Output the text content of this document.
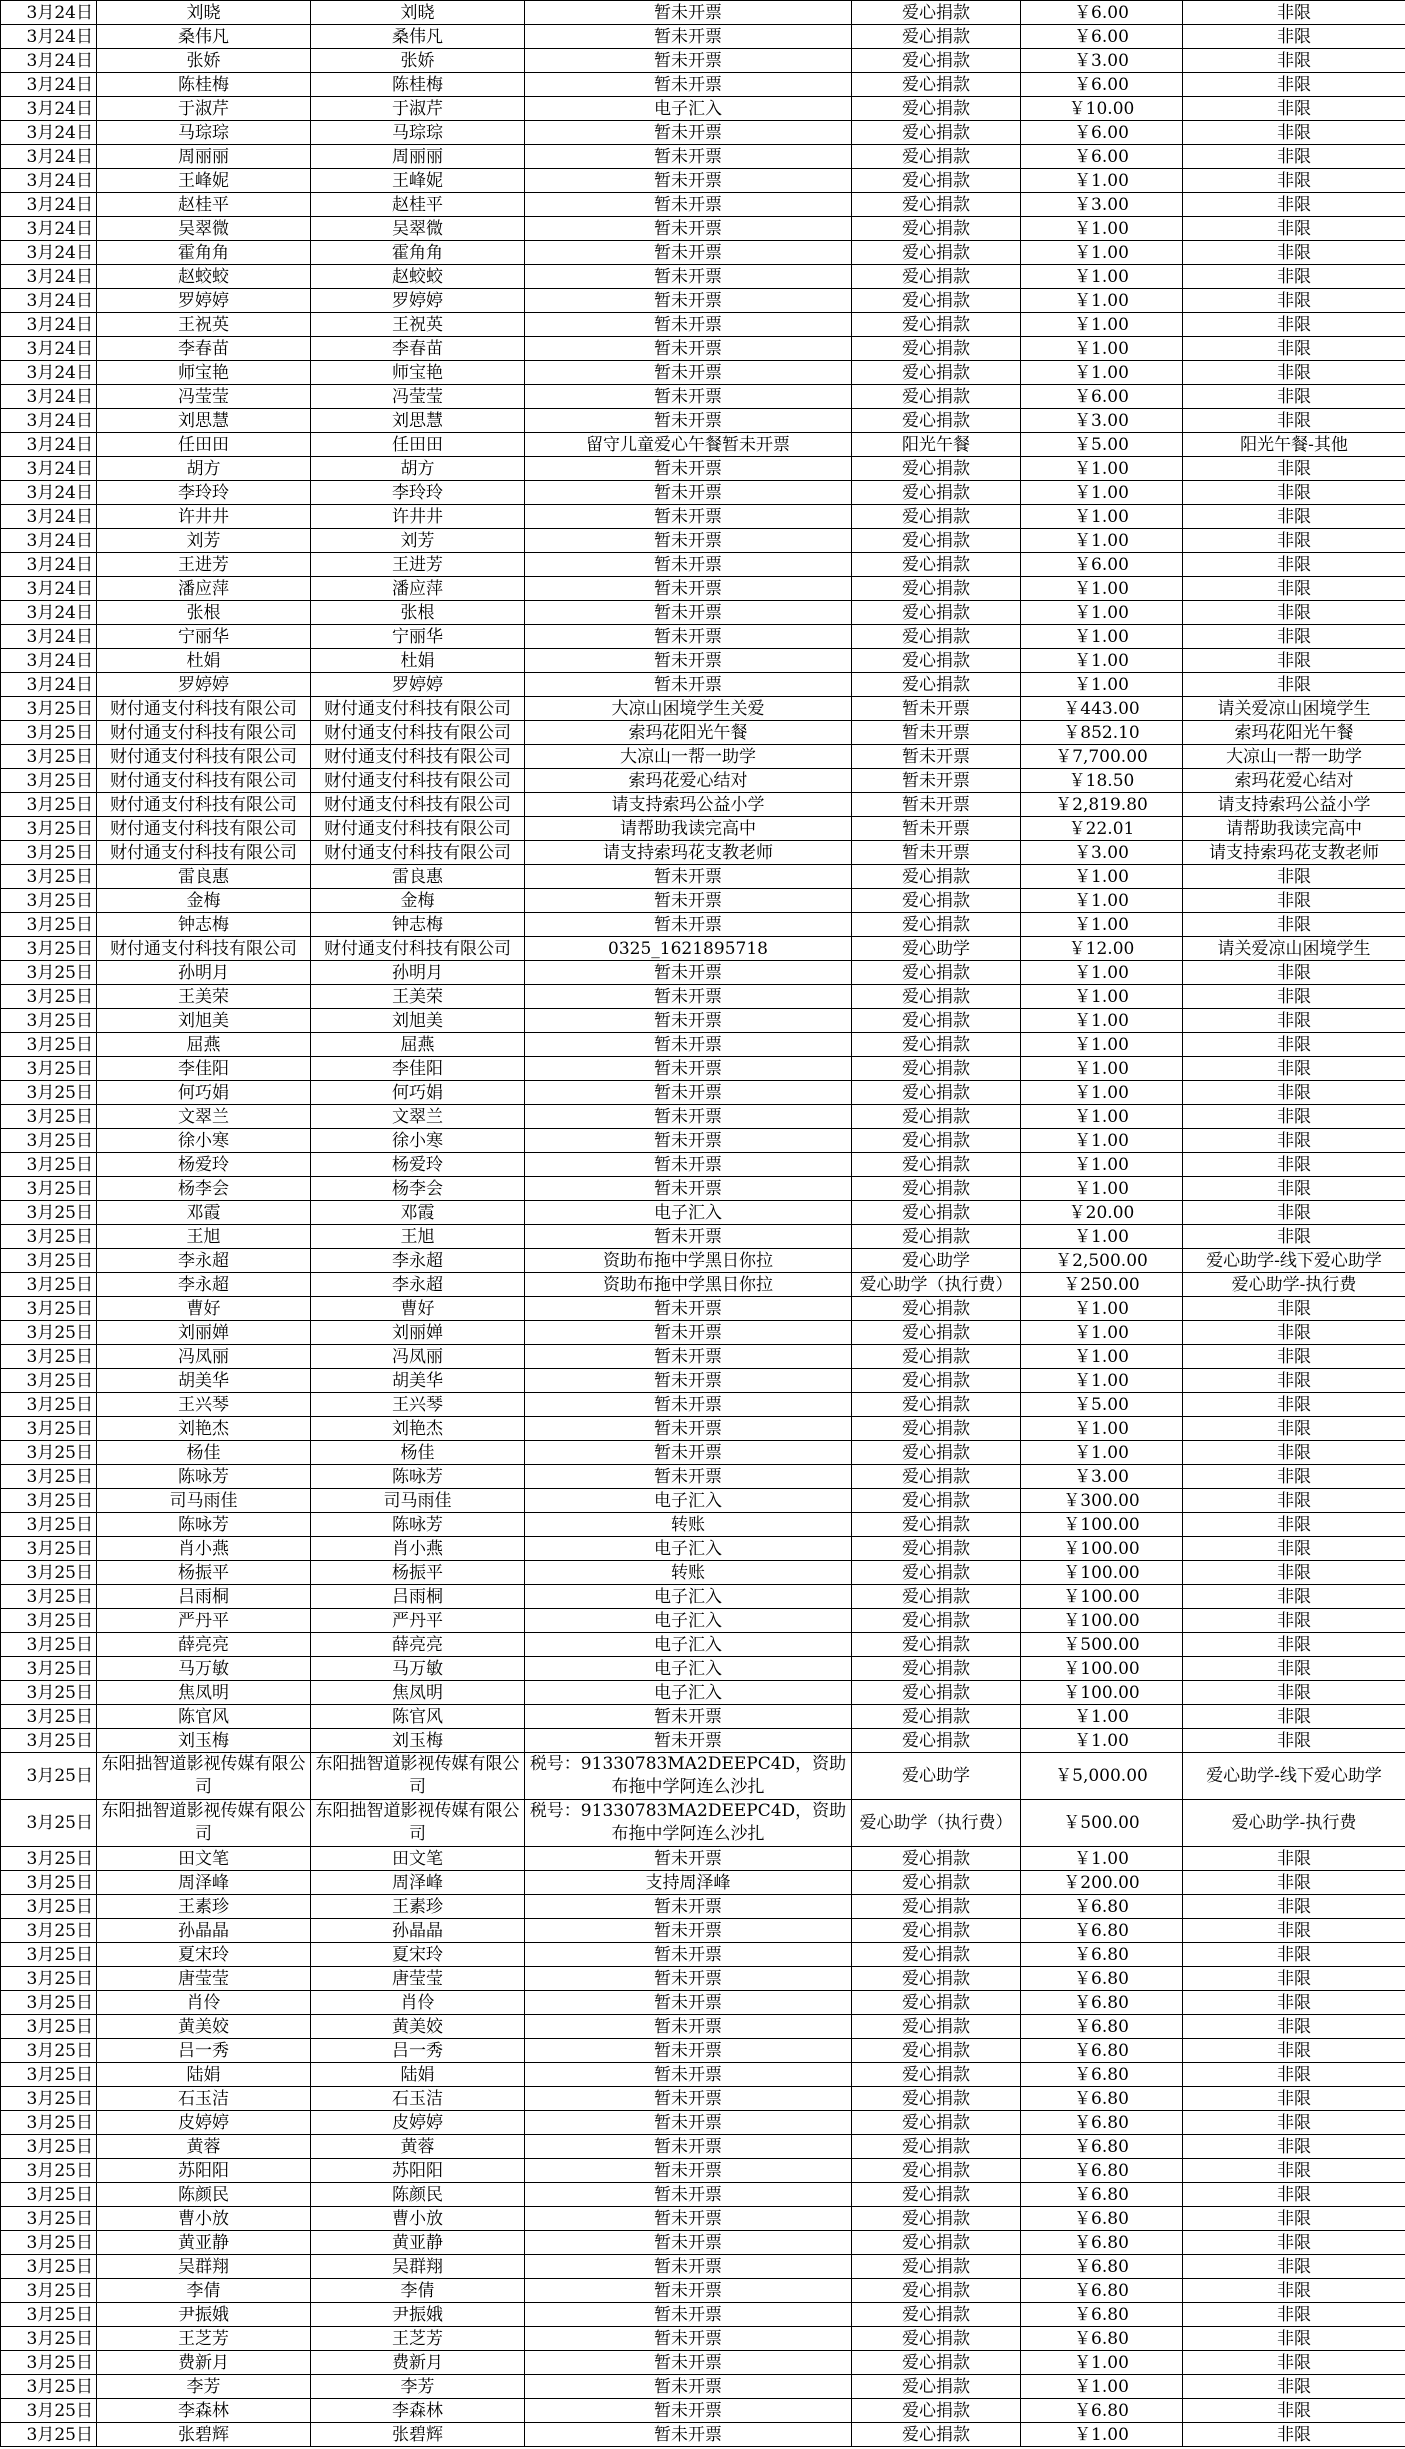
3月24日	刘晓	刘晓	暂未开票	爱心捐款	￥6.00	非限
3月24日	桑伟凡	桑伟凡	暂未开票	爱心捐款	￥6.00	非限
3月24日	张娇	张娇	暂未开票	爱心捐款	￥3.00	非限
3月24日	陈桂梅	陈桂梅	暂未开票	爱心捐款	￥6.00	非限
3月24日	于淑芹	于淑芹	电子汇入	爱心捐款	￥10.00	非限
3月24日	马琮琮	马琮琮	暂未开票	爱心捐款	￥6.00	非限
3月24日	周丽丽	周丽丽	暂未开票	爱心捐款	￥6.00	非限
3月24日	王峰妮	王峰妮	暂未开票	爱心捐款	￥1.00	非限
3月24日	赵桂平	赵桂平	暂未开票	爱心捐款	￥3.00	非限
3月24日	吴翠微	吴翠微	暂未开票	爱心捐款	￥1.00	非限
3月24日	霍角角	霍角角	暂未开票	爱心捐款	￥1.00	非限
3月24日	赵蛟蛟	赵蛟蛟	暂未开票	爱心捐款	￥1.00	非限
3月24日	罗婷婷	罗婷婷	暂未开票	爱心捐款	￥1.00	非限
3月24日	王祝英	王祝英	暂未开票	爱心捐款	￥1.00	非限
3月24日	李春苗	李春苗	暂未开票	爱心捐款	￥1.00	非限
3月24日	师宝艳	师宝艳	暂未开票	爱心捐款	￥1.00	非限
3月24日	冯莹莹	冯莹莹	暂未开票	爱心捐款	￥6.00	非限
3月24日	刘思慧	刘思慧	暂未开票	爱心捐款	￥3.00	非限
3月24日	任田田	任田田	留守儿童爱心午餐暂未开票	阳光午餐	￥5.00	阳光午餐-其他
3月24日	胡方	胡方	暂未开票	爱心捐款	￥1.00	非限
3月24日	李玲玲	李玲玲	暂未开票	爱心捐款	￥1.00	非限
3月24日	许井井	许井井	暂未开票	爱心捐款	￥1.00	非限
3月24日	刘芳	刘芳	暂未开票	爱心捐款	￥1.00	非限
3月24日	王进芳	王进芳	暂未开票	爱心捐款	￥6.00	非限
3月24日	潘应萍	潘应萍	暂未开票	爱心捐款	￥1.00	非限
3月24日	张根	张根	暂未开票	爱心捐款	￥1.00	非限
3月24日	宁丽华	宁丽华	暂未开票	爱心捐款	￥1.00	非限
3月24日	杜娟	杜娟	暂未开票	爱心捐款	￥1.00	非限
3月24日	罗婷婷	罗婷婷	暂未开票	爱心捐款	￥1.00	非限
3月25日	财付通支付科技有限公司	财付通支付科技有限公司	大凉山困境学生关爱	暂未开票	￥443.00	请关爱凉山困境学生
3月25日	财付通支付科技有限公司	财付通支付科技有限公司	索玛花阳光午餐	暂未开票	￥852.10	索玛花阳光午餐
3月25日	财付通支付科技有限公司	财付通支付科技有限公司	大凉山一帮一助学	暂未开票	￥7,700.00	大凉山一帮一助学
3月25日	财付通支付科技有限公司	财付通支付科技有限公司	索玛花爱心结对	暂未开票	￥18.50	索玛花爱心结对
3月25日	财付通支付科技有限公司	财付通支付科技有限公司	请支持索玛公益小学	暂未开票	￥2,819.80	请支持索玛公益小学
3月25日	财付通支付科技有限公司	财付通支付科技有限公司	请帮助我读完高中	暂未开票	￥22.01	请帮助我读完高中
3月25日	财付通支付科技有限公司	财付通支付科技有限公司	请支持索玛花支教老师	暂未开票	￥3.00	请支持索玛花支教老师
3月25日	雷良惠	雷良惠	暂未开票	爱心捐款	￥1.00	非限
3月25日	金梅	金梅	暂未开票	爱心捐款	￥1.00	非限
3月25日	钟志梅	钟志梅	暂未开票	爱心捐款	￥1.00	非限
3月25日	财付通支付科技有限公司	财付通支付科技有限公司	0325_1621895718	爱心助学	￥12.00	请关爱凉山困境学生
3月25日	孙明月	孙明月	暂未开票	爱心捐款	￥1.00	非限
3月25日	王美荣	王美荣	暂未开票	爱心捐款	￥1.00	非限
3月25日	刘旭美	刘旭美	暂未开票	爱心捐款	￥1.00	非限
3月25日	屈燕	屈燕	暂未开票	爱心捐款	￥1.00	非限
3月25日	李佳阳	李佳阳	暂未开票	爱心捐款	￥1.00	非限
3月25日	何巧娟	何巧娟	暂未开票	爱心捐款	￥1.00	非限
3月25日	文翠兰	文翠兰	暂未开票	爱心捐款	￥1.00	非限
3月25日	徐小寒	徐小寒	暂未开票	爱心捐款	￥1.00	非限
3月25日	杨爱玲	杨爱玲	暂未开票	爱心捐款	￥1.00	非限
3月25日	杨李会	杨李会	暂未开票	爱心捐款	￥1.00	非限
3月25日	邓霞	邓霞	电子汇入	爱心捐款	￥20.00	非限
3月25日	王旭	王旭	暂未开票	爱心捐款	￥1.00	非限
3月25日	李永超	李永超	资助布拖中学黑日你拉	爱心助学	￥2,500.00	爱心助学-线下爱心助学
3月25日	李永超	李永超	资助布拖中学黑日你拉	爱心助学（执行费）	￥250.00	爱心助学-执行费
3月25日	曹好	曹好	暂未开票	爱心捐款	￥1.00	非限
3月25日	刘丽婵	刘丽婵	暂未开票	爱心捐款	￥1.00	非限
3月25日	冯凤丽	冯凤丽	暂未开票	爱心捐款	￥1.00	非限
3月25日	胡美华	胡美华	暂未开票	爱心捐款	￥1.00	非限
3月25日	王兴琴	王兴琴	暂未开票	爱心捐款	￥5.00	非限
3月25日	刘艳杰	刘艳杰	暂未开票	爱心捐款	￥1.00	非限
3月25日	杨佳	杨佳	暂未开票	爱心捐款	￥1.00	非限
3月25日	陈咏芳	陈咏芳	暂未开票	爱心捐款	￥3.00	非限
3月25日	司马雨佳	司马雨佳	电子汇入	爱心捐款	￥300.00	非限
3月25日	陈咏芳	陈咏芳	转账	爱心捐款	￥100.00	非限
3月25日	肖小燕	肖小燕	电子汇入	爱心捐款	￥100.00	非限
3月25日	杨振平	杨振平	转账	爱心捐款	￥100.00	非限
3月25日	吕雨桐	吕雨桐	电子汇入	爱心捐款	￥100.00	非限
3月25日	严丹平	严丹平	电子汇入	爱心捐款	￥100.00	非限
3月25日	薛亮亮	薛亮亮	电子汇入	爱心捐款	￥500.00	非限
3月25日	马万敏	马万敏	电子汇入	爱心捐款	￥100.00	非限
3月25日	焦凤明	焦凤明	电子汇入	爱心捐款	￥100.00	非限
3月25日	陈官风	陈官风	暂未开票	爱心捐款	￥1.00	非限
3月25日	刘玉梅	刘玉梅	暂未开票	爱心捐款	￥1.00	非限
3月25日	东阳拙智道影视传媒有限公司	东阳拙智道影视传媒有限公司	税号：91330783MA2DEEPC4D，资助布拖中学阿连么沙扎	爱心助学	￥5,000.00	爱心助学-线下爱心助学
3月25日	东阳拙智道影视传媒有限公司	东阳拙智道影视传媒有限公司	税号：91330783MA2DEEPC4D，资助布拖中学阿连么沙扎	爱心助学（执行费）	￥500.00	爱心助学-执行费
3月25日	田文笔	田文笔	暂未开票	爱心捐款	￥1.00	非限
3月25日	周泽峰	周泽峰	支持周泽峰	爱心捐款	￥200.00	非限
3月25日	王素珍	王素珍	暂未开票	爱心捐款	￥6.80	非限
3月25日	孙晶晶	孙晶晶	暂未开票	爱心捐款	￥6.80	非限
3月25日	夏宋玲	夏宋玲	暂未开票	爱心捐款	￥6.80	非限
3月25日	唐莹莹	唐莹莹	暂未开票	爱心捐款	￥6.80	非限
3月25日	肖伶	肖伶	暂未开票	爱心捐款	￥6.80	非限
3月25日	黄美姣	黄美姣	暂未开票	爱心捐款	￥6.80	非限
3月25日	吕一秀	吕一秀	暂未开票	爱心捐款	￥6.80	非限
3月25日	陆娟	陆娟	暂未开票	爱心捐款	￥6.80	非限
3月25日	石玉洁	石玉洁	暂未开票	爱心捐款	￥6.80	非限
3月25日	皮婷婷	皮婷婷	暂未开票	爱心捐款	￥6.80	非限
3月25日	黄蓉	黄蓉	暂未开票	爱心捐款	￥6.80	非限
3月25日	苏阳阳	苏阳阳	暂未开票	爱心捐款	￥6.80	非限
3月25日	陈颜民	陈颜民	暂未开票	爱心捐款	￥6.80	非限
3月25日	曹小放	曹小放	暂未开票	爱心捐款	￥6.80	非限
3月25日	黄亚静	黄亚静	暂未开票	爱心捐款	￥6.80	非限
3月25日	吴群翔	吴群翔	暂未开票	爱心捐款	￥6.80	非限
3月25日	李倩	李倩	暂未开票	爱心捐款	￥6.80	非限
3月25日	尹振娥	尹振娥	暂未开票	爱心捐款	￥6.80	非限
3月25日	王芝芳	王芝芳	暂未开票	爱心捐款	￥6.80	非限
3月25日	费新月	费新月	暂未开票	爱心捐款	￥1.00	非限
3月25日	李芳	李芳	暂未开票	爱心捐款	￥1.00	非限
3月25日	李森林	李森林	暂未开票	爱心捐款	￥6.80	非限
3月25日	张碧辉	张碧辉	暂未开票	爱心捐款	￥1.00	非限
